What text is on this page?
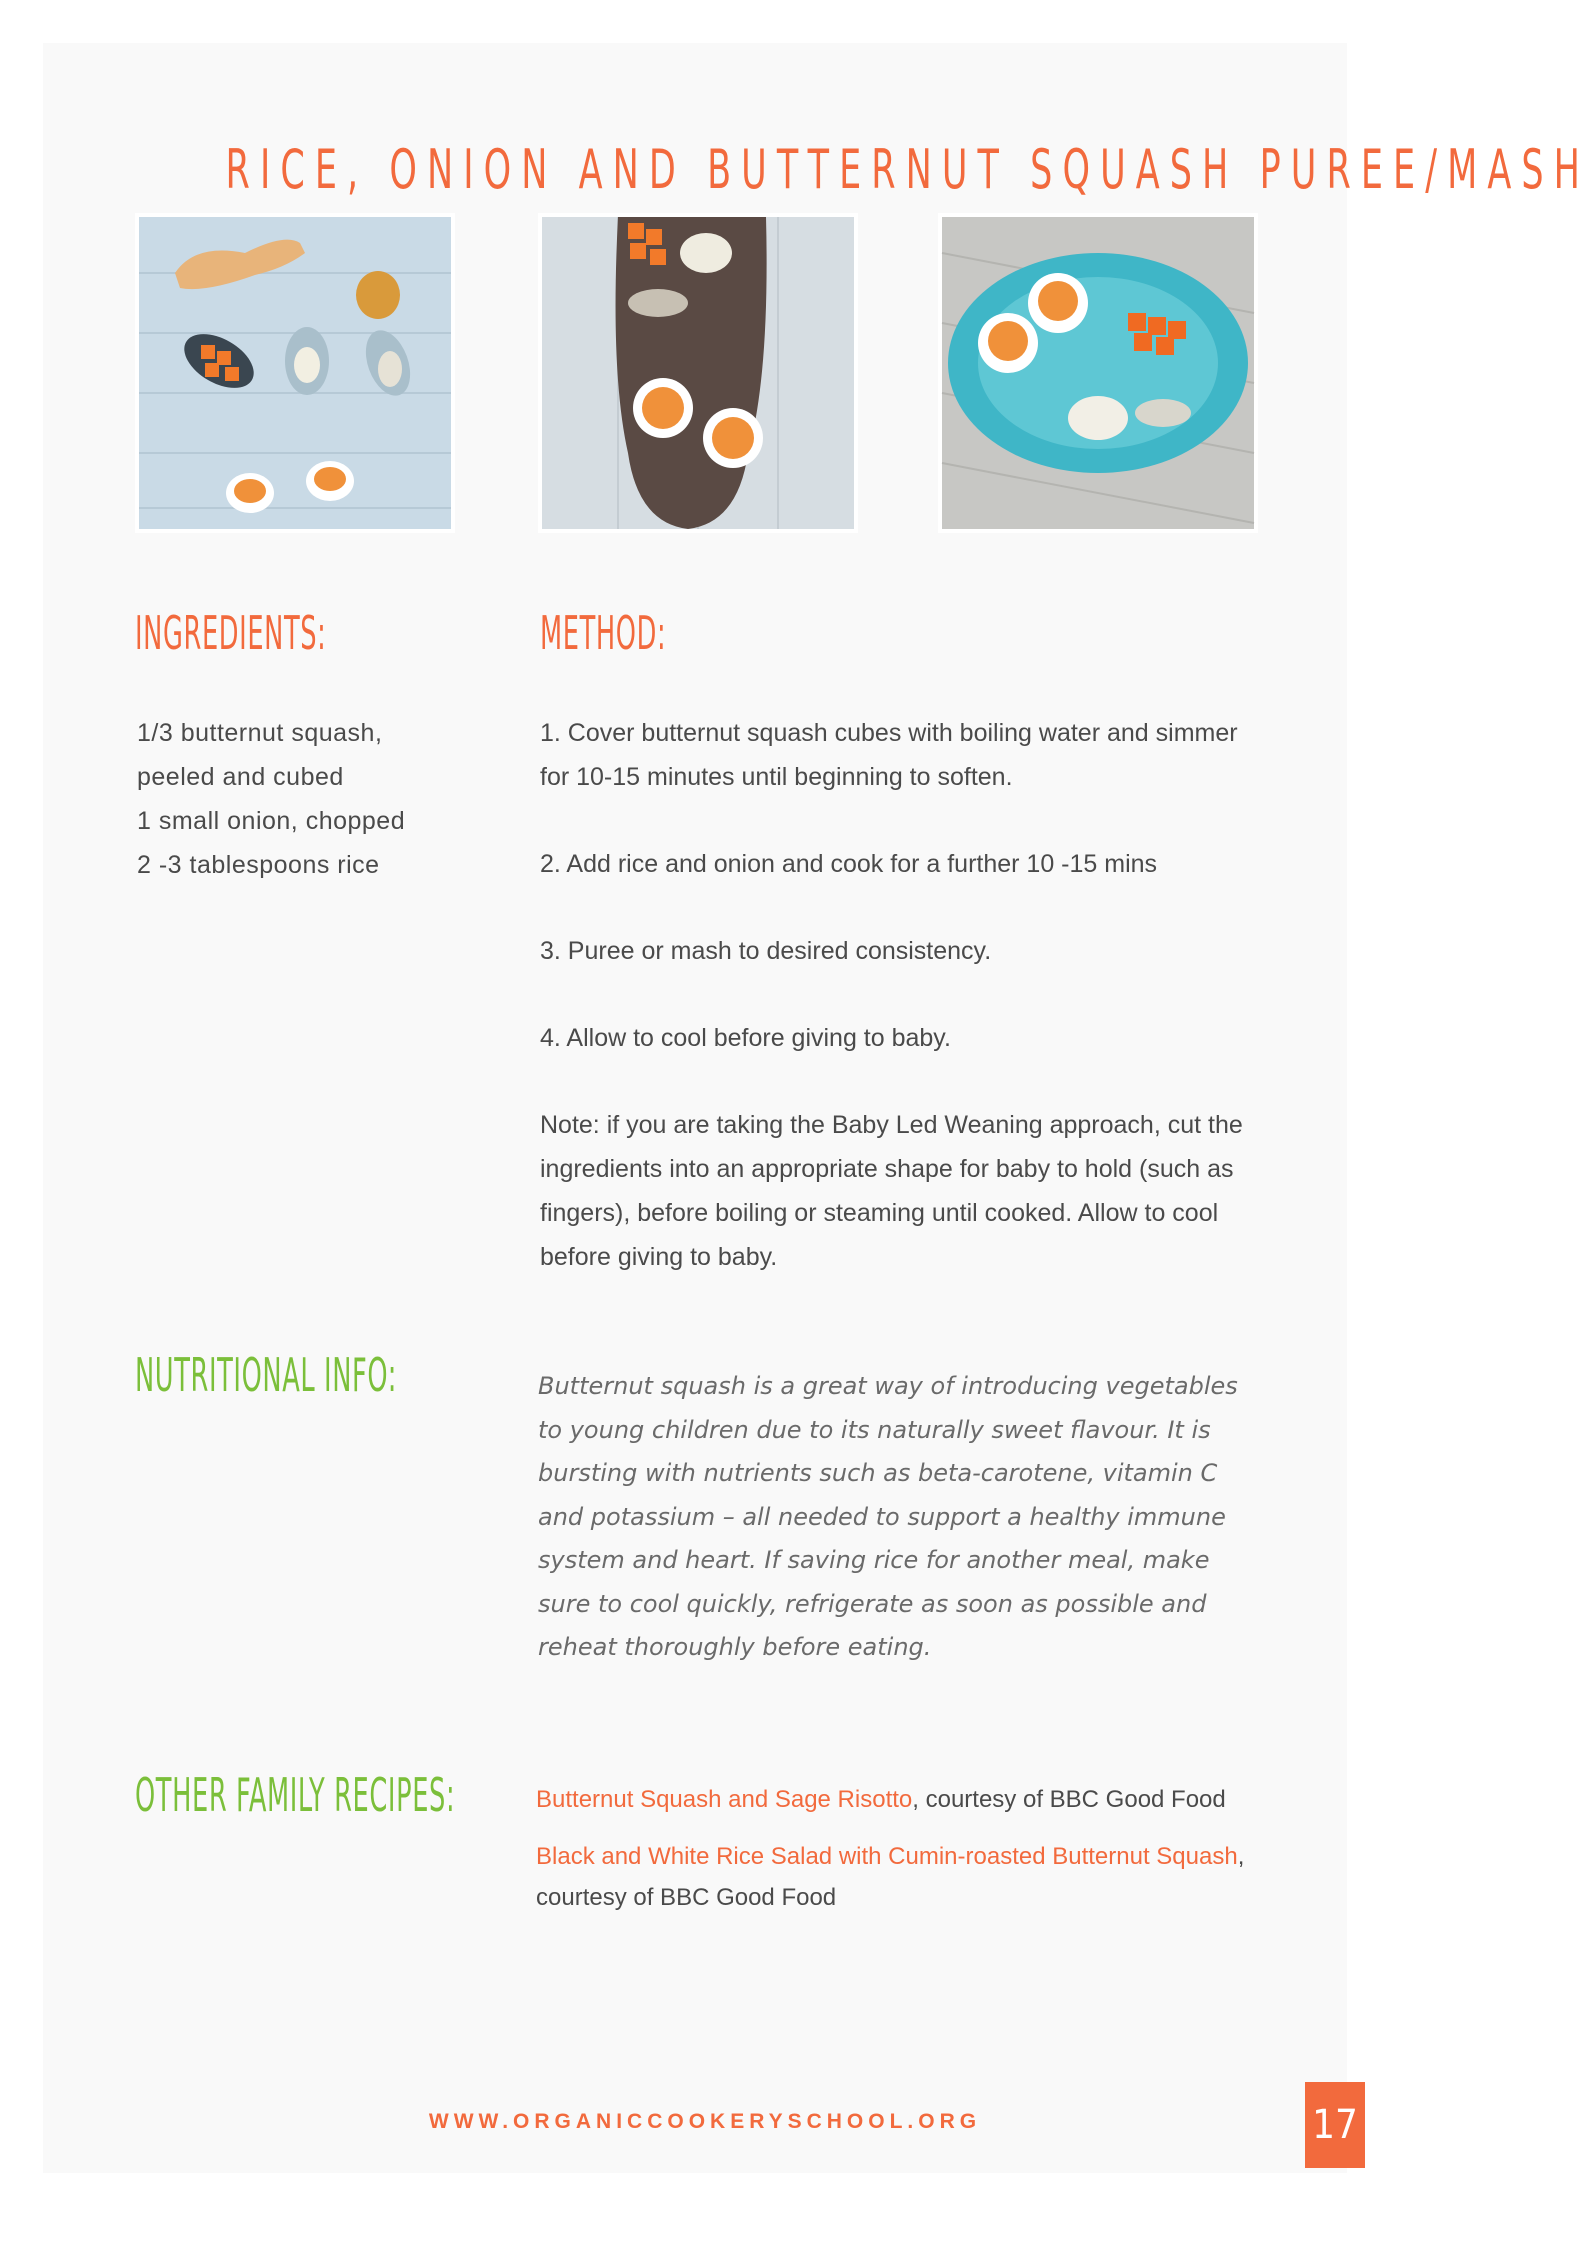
RICE, ONION AND BUTTERNUT SQUASH PUREE/MASH
INGREDIENTS:

1/3 butternut squash,

peeled and cubed

1 small onion, chopped

2 -3 tablespoons rice

METHOD:

1. Cover butternut squash cubes with boiling water and simmer for 10-15 minutes until beginning to soften.

2. Add rice and onion and cook for a further 10 -15 mins

3. Puree or mash to desired consistency.

4. Allow to cool before giving to baby.

Note: if you are taking the Baby Led Weaning approach, cut the ingredients into an appropriate shape for baby to hold (such as fingers), before boiling or steaming until cooked. Allow to cool before giving to baby.

NUTRITIONAL INFO:	Butternut squash is a great way of introducing vegetables to young children due to its naturally sweet flavour. It is bursting with nutrients such as beta-carotene, vitamin C and potassium – all needed to support a healthy immune system and heart. If saving rice for another meal, make sure to cool quickly, refrigerate as soon as possible and reheat thoroughly before eating.
OTHER FAMILY RECIPES:	Butternut Squash and Sage Risotto, courtesy of BBC Good Food

Black and White Rice Salad with Cumin-roasted Butternut Squash, courtesy of BBC Good Food

WWW.ORGANICCOOKERYSCHOOL.ORG	17
